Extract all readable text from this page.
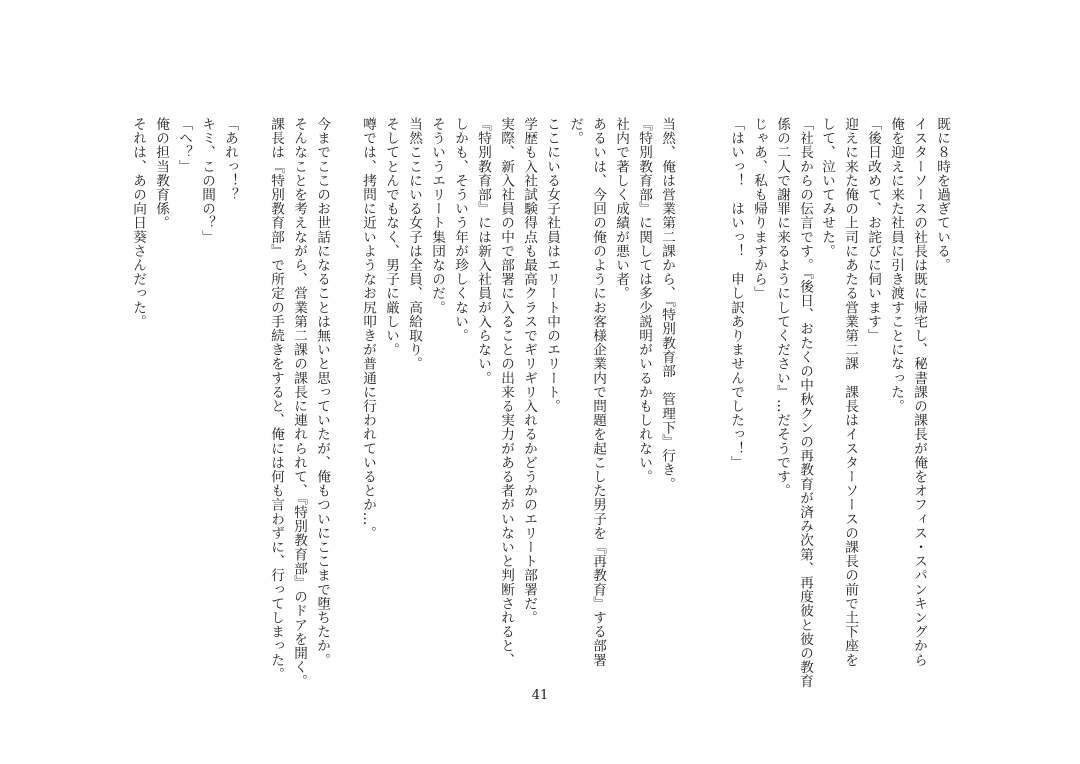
既に８時を過ぎている。
イスターソースの社長は既に帰宅し、秘書課の課長が俺をオフィス・スパンキングから
俺を迎えに来た社員に引き渡すことになった。
「後日改めて、お詫びに伺います」
迎えに来た俺の上司にあたる営業第二課　課長はイスターソースの課長の前で土下座を
して、泣いてみせた。
「社長からの伝言です。『後日、おたくの中秋クンの再教育が済み次第、再度彼と彼の教育
係の二人で謝罪に来るようにしてください』…だそうです。
じゃあ、私も帰りますから」
「はいっ！　はいっ！　申し訳ありませんでしたっ！」
当然、俺は営業第二課から、『特別教育部　管理下』行き。
『特別教育部』に関しては多少説明がいるかもしれない。
社内で著しく成績が悪い者。
あるいは、今回の俺のようにお客様企業内で問題を起こした男子を『再教育』する部署
だ。
ここにいる女子社員はエリート中のエリート。
学歴も入社試験得点も最高クラスでギリギリ入れるかどうかのエリート部署だ。
実際、新入社員の中で部署に入ることの出来る実力がある者がいないと判断されると、
『特別教育部』には新入社員が入らない。
しかも、そういう年が珍しくない。
そういうエリート集団なのだ。
当然ここにいる女子は全員、高給取り。
そしてとんでもなく、男子に厳しい。
噂では、拷問に近いようなお尻叩きが普通に行われているとか…。
今までここのお世話になることは無いと思っていたが、俺もついにここまで堕ちたか。
そんなことを考えながら、営業第二課の課長に連れられて、『特別教育部』のドアを開く。
課長は『特別教育部』で所定の手続きをすると、俺には何も言わずに、行ってしまった。
「あれっ！？
キミ、この間の？」
「へ？」
俺の担当教育係。
それは、あの向日葵さんだった。
41
